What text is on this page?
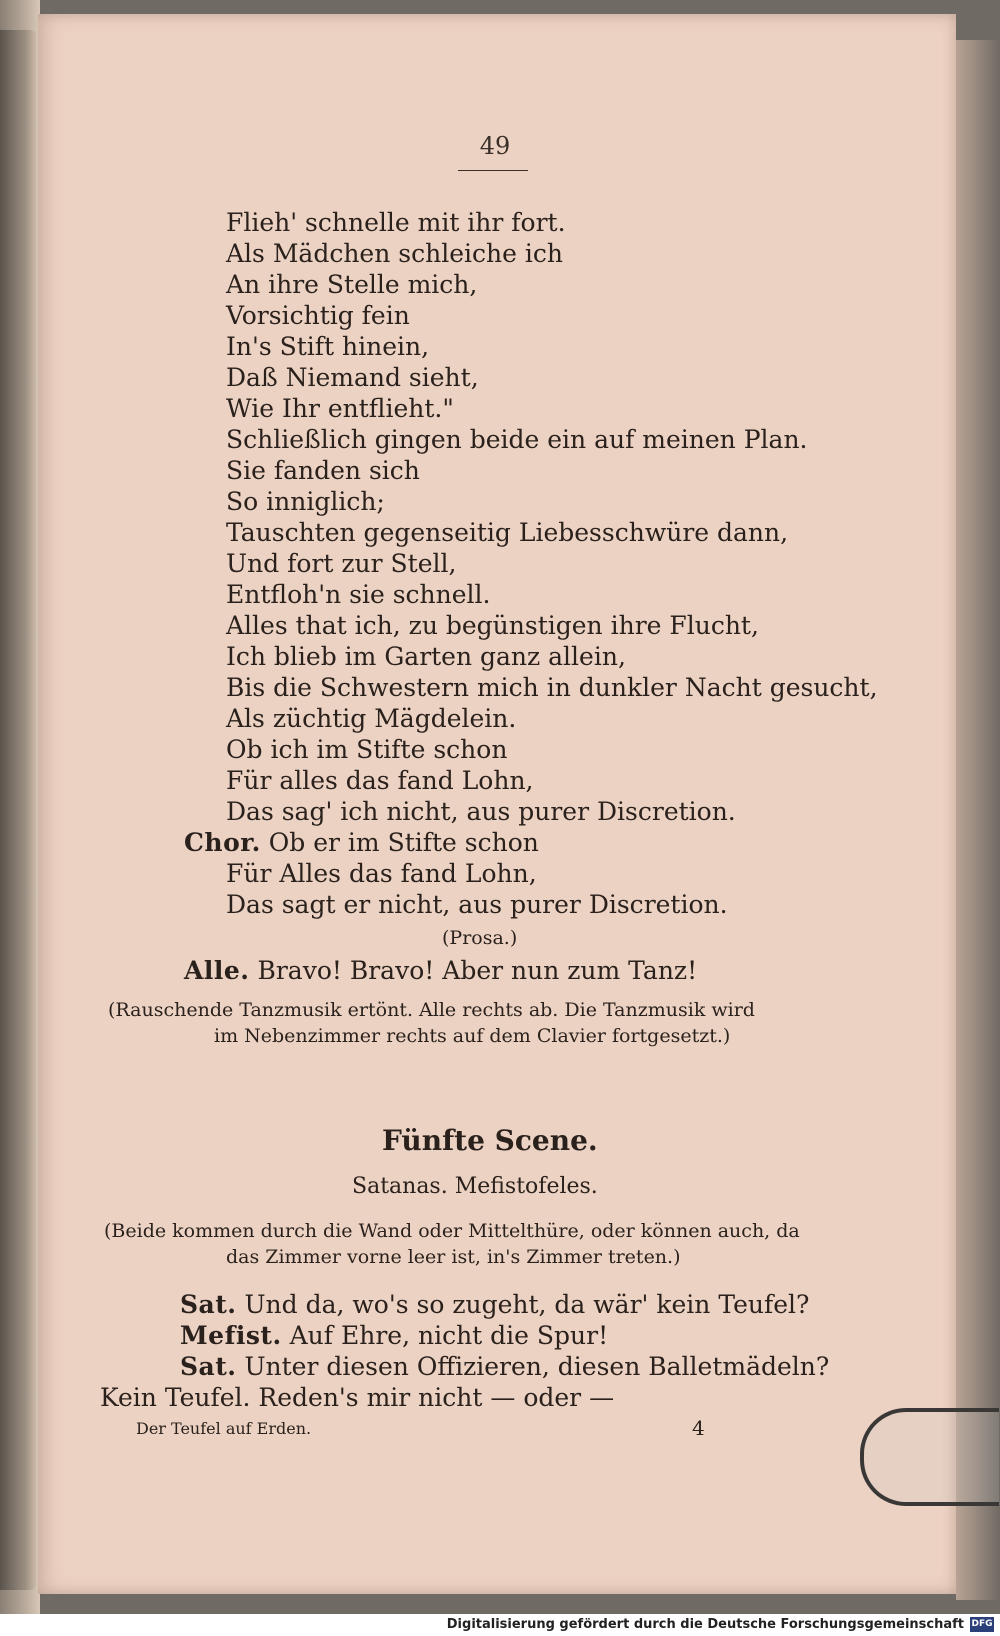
49
Flieh' schnelle mit ihr fort.
Als Mädchen schleiche ich
An ihre Stelle mich,
Vorsichtig fein
In's Stift hinein,
Daß Niemand sieht,
Wie Ihr entflieht."
Schließlich gingen beide ein auf meinen Plan.
Sie fanden sich
So inniglich;
Tauschten gegenseitig Liebesschwüre dann,
Und fort zur Stell,
Entfloh'n sie schnell.
Alles that ich, zu begünstigen ihre Flucht,
Ich blieb im Garten ganz allein,
Bis die Schwestern mich in dunkler Nacht gesucht,
Als züchtig Mägdelein.
Ob ich im Stifte schon
Für alles das fand Lohn,
Das sag' ich nicht, aus purer Discretion.
Chor. Ob er im Stifte schon
Für Alles das fand Lohn,
Das sagt er nicht, aus purer Discretion.
(Prosa.)
Alle. Bravo! Bravo! Aber nun zum Tanz!
(Rauschende Tanzmusik ertönt. Alle rechts ab. Die Tanzmusik wird
im Nebenzimmer rechts auf dem Clavier fortgesetzt.)
Fünfte Scene.
Satanas. Mefistofeles.
(Beide kommen durch die Wand oder Mittelthüre, oder können auch, da
das Zimmer vorne leer ist, in's Zimmer treten.)
Sat. Und da, wo's so zugeht, da wär' kein Teufel?
Mefist. Auf Ehre, nicht die Spur!
Sat. Unter diesen Offizieren, diesen Balletmädeln?
Kein Teufel. Reden's mir nicht — oder —
Der Teufel auf Erden.	4
Digitalisierung gefördert durch die Deutsche Forschungsgemeinschaft DFG
